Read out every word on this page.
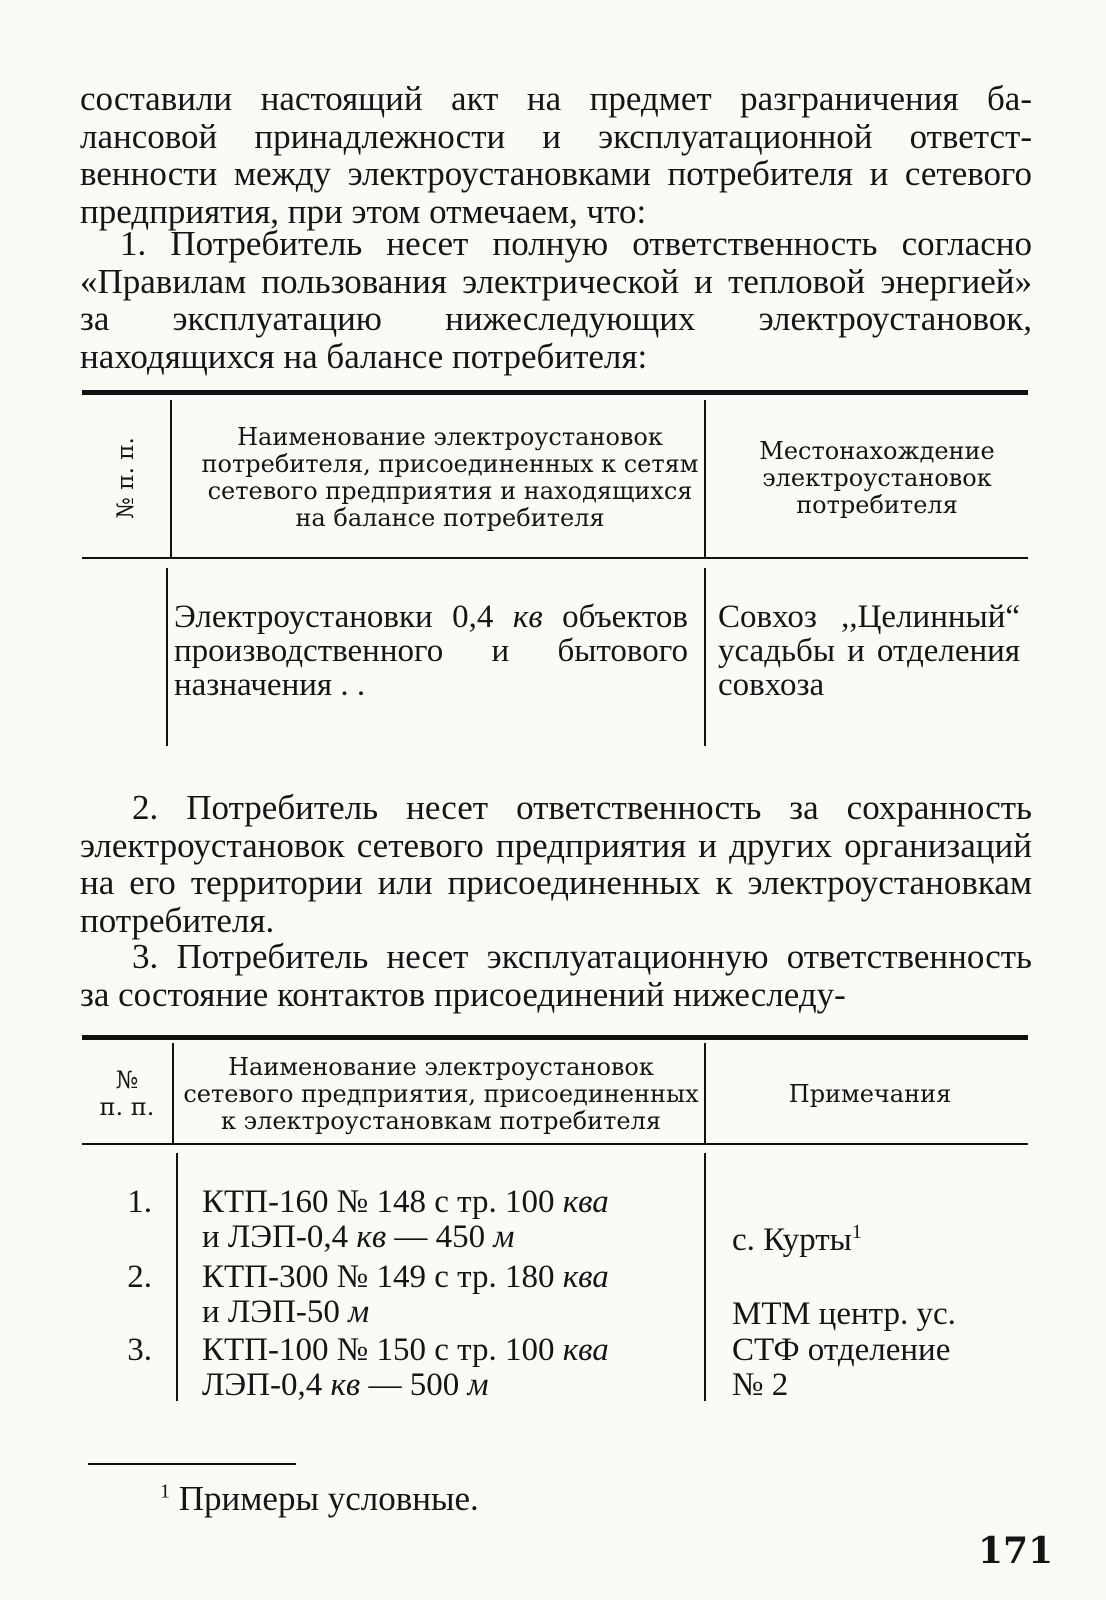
составили настоящий акт на предмет разграничения балансовой принадлежности и эксплуатационной ответственности между электроустановками потребителя и сетевого предприятия, при этом отмечаем, что:

1. Потребитель несет полную ответственность согласно «Правилам пользования электрической и тепловой энергией» за эксплуатацию нижеследующих электроустановок, находящихся на балансе потребителя:

№ п. п.
Наименование электроустановок потребителя, присоединенных к сетям сетевого предприятия и находящихся на балансе потребителя
Местонахождение электроустановок потребителя
Электроустановки 0,4 кв объектов производственного и бытового назначения . .
Совхоз ,,Целинный“ усадьбы и отделения совхоза

2. Потребитель несет ответственность за сохранность электроустановок сетевого предприятия и других организаций на его территории или присоединенных к электроустановкам потребителя.

3. Потребитель несет эксплуатационную ответственность за состояние контактов присоединений нижеследу-

№
п. п.
Наименование электроустановок сетевого предприятия, присоединенных к электроустановкам потребителя
Примечания
1.
2.
3.
КТП-160 № 148 с тр. 100 ква
и ЛЭП-0,4 кв — 450 м	с. Курты$^1$
КТП-300 № 149 с тр. 180 ква
и ЛЭП-50 м	МТМ центр. ус.
КТП-100 № 150 с тр. 100 ква
ЛЭП-0,4 кв — 500 м
СТФ отделение
№ 2
$^1$ Примеры условные.
171
